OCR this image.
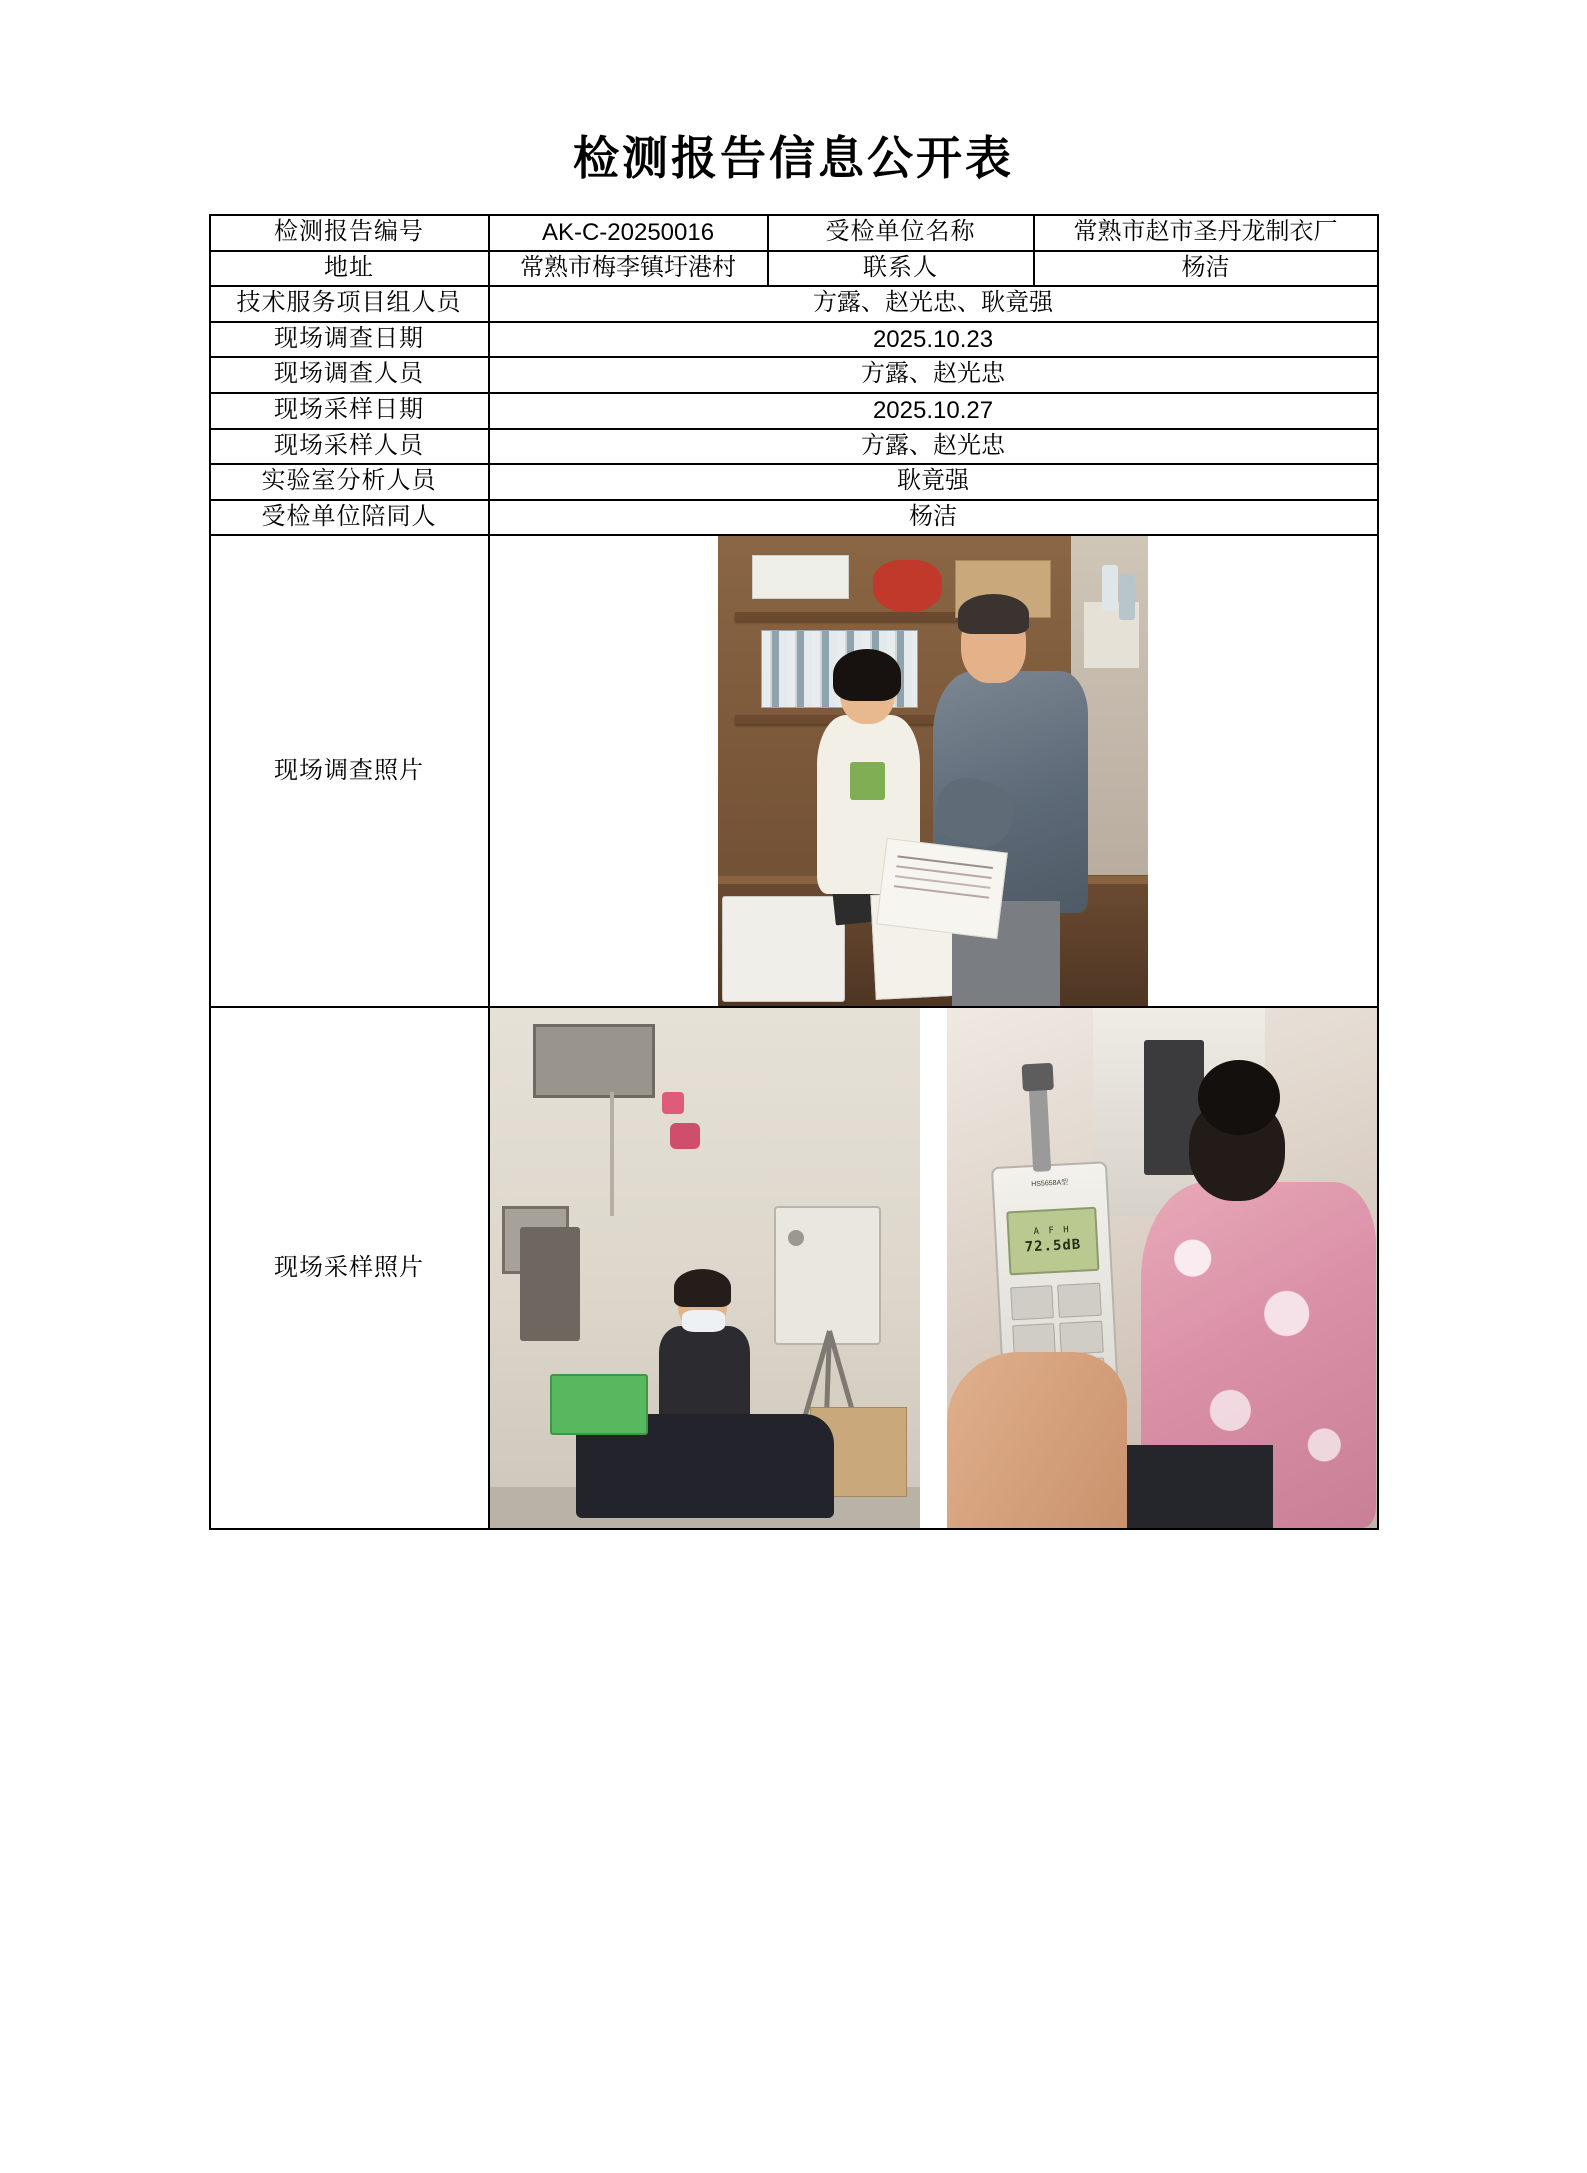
检测报告信息公开表
检测报告编号	AK-C-20250016	受检单位名称	常熟市赵市圣丹龙制衣厂
地址	常熟市梅李镇圩港村	联系人	杨洁
技术服务项目组人员	方露、赵光忠、耿竟强		
现场调查日期	2025.10.23		
现场调查人员	方露、赵光忠		
现场采样日期	2025.10.27		
现场采样人员	方露、赵光忠		
实验室分析人员	耿竟强		
受检单位陪同人	杨洁		
现场调查照片			

现场采样照片	HS5658A型
A F H
72.5dB		
